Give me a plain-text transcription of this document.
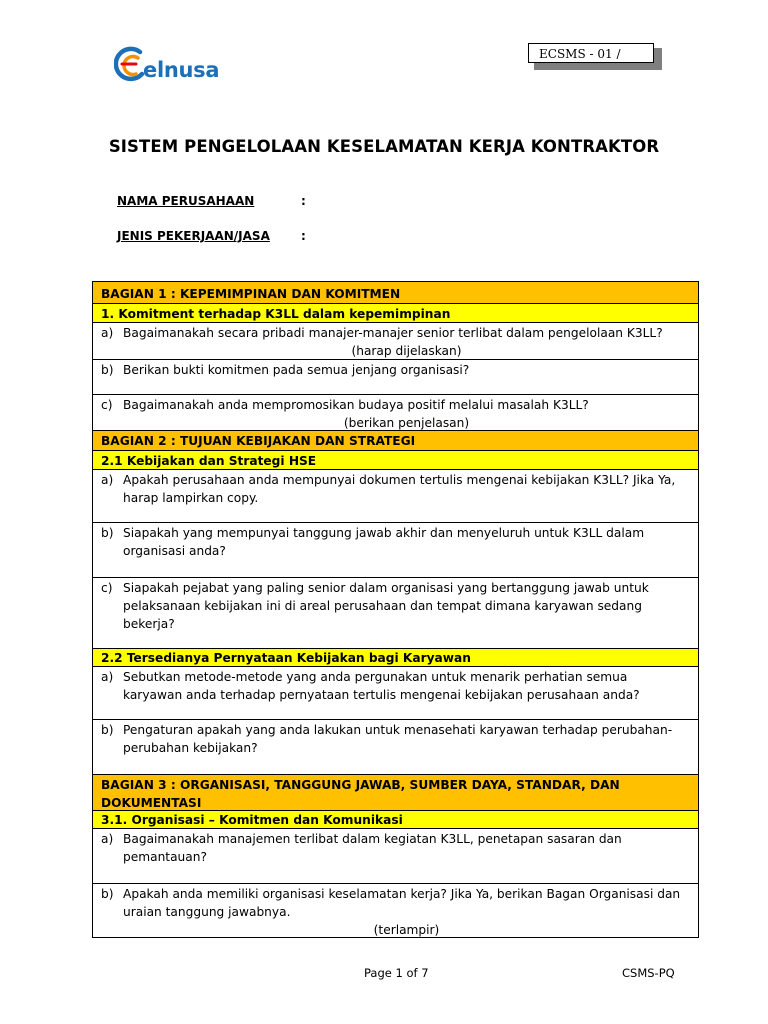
elnusa
ECSMS - 01 /
SISTEM PENGELOLAAN KESELAMATAN KERJA KONTRAKTOR
NAMA PERUSAHAAN	:
JENIS PEKERJAAN/JASA	:
BAGIAN 1 : KEPEMIMPINAN DAN KOMITMEN
1. Komitment terhadap K3LL dalam kepemimpinan
a) Bagaimanakah secara pribadi manajer-manajer senior terlibat dalam pengelolaan K3LL?
(harap dijelaskan)
b) Berikan bukti komitmen pada semua jenjang organisasi?
c) Bagaimanakah anda mempromosikan budaya positif melalui masalah K3LL?
(berikan penjelasan)
BAGIAN 2 : TUJUAN KEBIJAKAN DAN STRATEGI
2.1 Kebijakan dan Strategi HSE
a) Apakah perusahaan anda mempunyai dokumen tertulis mengenai kebijakan K3LL? Jika Ya, harap lampirkan copy.
b) Siapakah yang mempunyai tanggung jawab akhir dan menyeluruh untuk K3LL dalam organisasi anda?
c) Siapakah pejabat yang paling senior dalam organisasi yang bertanggung jawab untuk pelaksanaan kebijakan ini di areal perusahaan dan tempat dimana karyawan sedang bekerja?
2.2 Tersedianya Pernyataan Kebijakan bagi Karyawan
a) Sebutkan metode-metode yang anda pergunakan untuk menarik perhatian semua karyawan anda terhadap pernyataan tertulis mengenai kebijakan perusahaan anda?
b) Pengaturan apakah yang anda lakukan untuk menasehati karyawan terhadap perubahan-perubahan kebijakan?
BAGIAN 3 : ORGANISASI, TANGGUNG JAWAB, SUMBER DAYA, STANDAR, DAN DOKUMENTASI
3.1. Organisasi – Komitmen dan Komunikasi
a) Bagaimanakah manajemen terlibat dalam kegiatan K3LL, penetapan sasaran dan pemantauan?
b) Apakah anda memiliki organisasi keselamatan kerja? Jika Ya, berikan Bagan Organisasi dan uraian tanggung jawabnya.
(terlampir)
Page 1 of 7	CSMS-PQ
